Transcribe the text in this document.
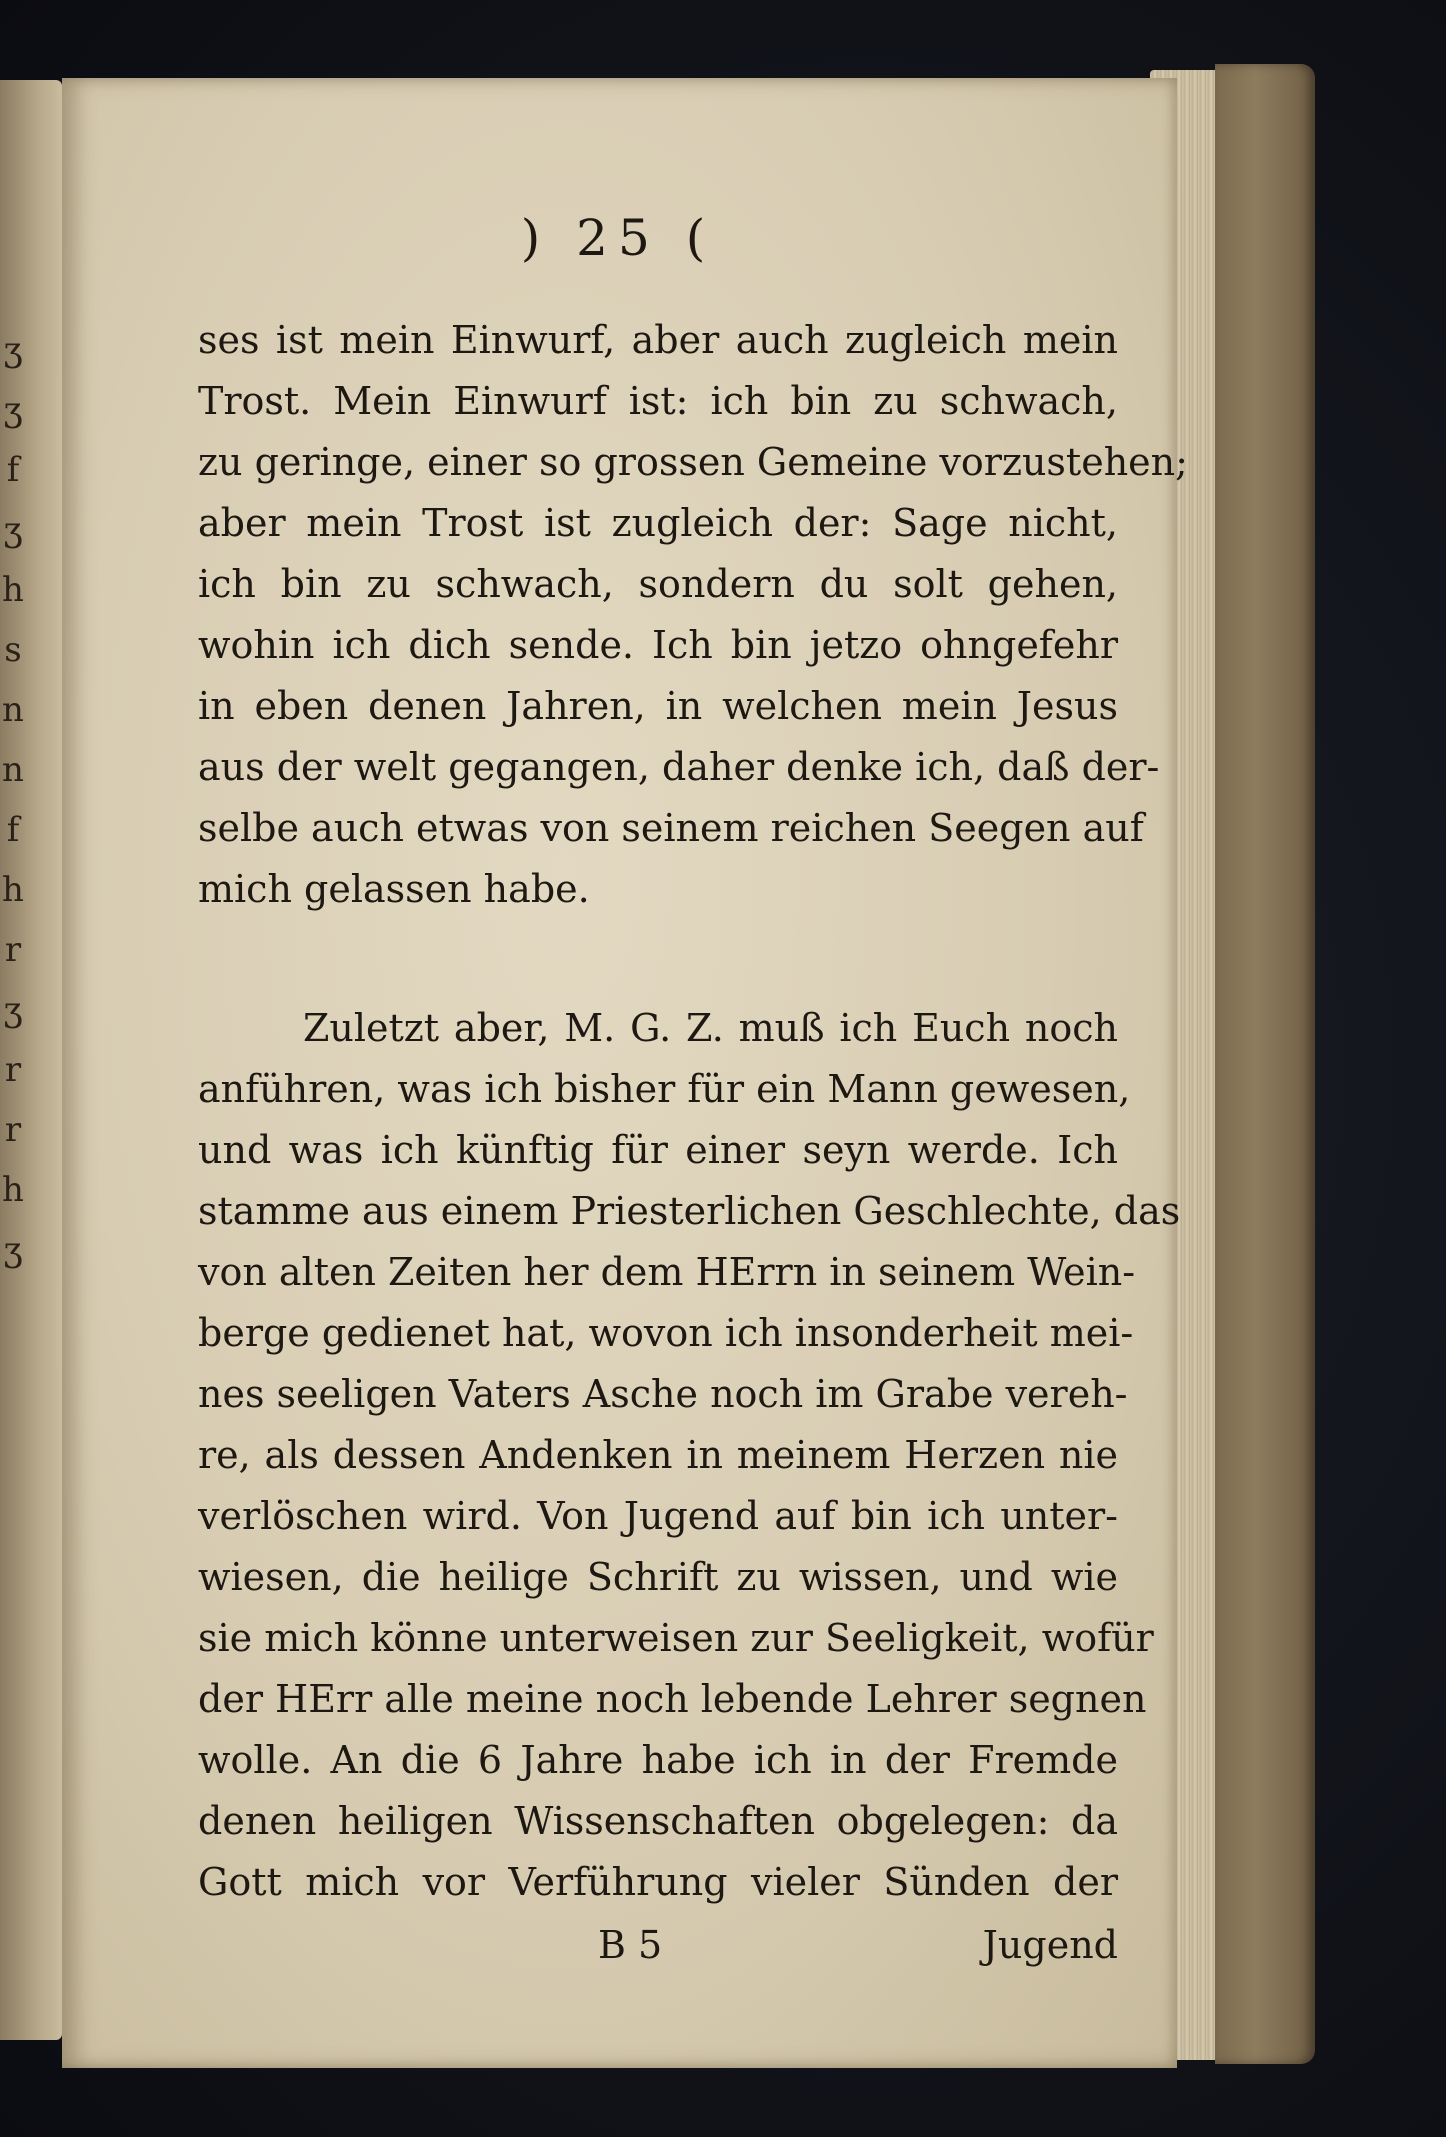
ʒ
ʒ
f
ʒ
h
s
n
n
f
h
r
ʒ
r
r
h
ʒ
) 25 (
ses ist mein Einwurf, aber auch zugleich mein
Trost. Mein Einwurf ist: ich bin zu schwach,
zu geringe, einer so grossen Gemeine vorzustehen;
aber mein Trost ist zugleich der: Sage nicht,
ich bin zu schwach, sondern du solt gehen,
wohin ich dich sende. Ich bin jetzo ohngefehr
in eben denen Jahren, in welchen mein Jesus
aus der welt gegangen, daher denke ich, daß der-
selbe auch etwas von seinem reichen Seegen auf
mich gelassen habe.
Zuletzt aber, M. G. Z. muß ich Euch noch
anführen, was ich bisher für ein Mann gewesen,
und was ich künftig für einer seyn werde. Ich
stamme aus einem Priesterlichen Geschlechte, das
von alten Zeiten her dem HErrn in seinem Wein-
berge gedienet hat, wovon ich insonderheit mei-
nes seeligen Vaters Asche noch im Grabe vereh-
re, als dessen Andenken in meinem Herzen nie
verlöschen wird. Von Jugend auf bin ich unter-
wiesen, die heilige Schrift zu wissen, und wie
sie mich könne unterweisen zur Seeligkeit, wofür
der HErr alle meine noch lebende Lehrer segnen
wolle. An die 6 Jahre habe ich in der Fremde
denen heiligen Wissenschaften obgelegen: da
Gott mich vor Verführung vieler Sünden der
B 5	Jugend
